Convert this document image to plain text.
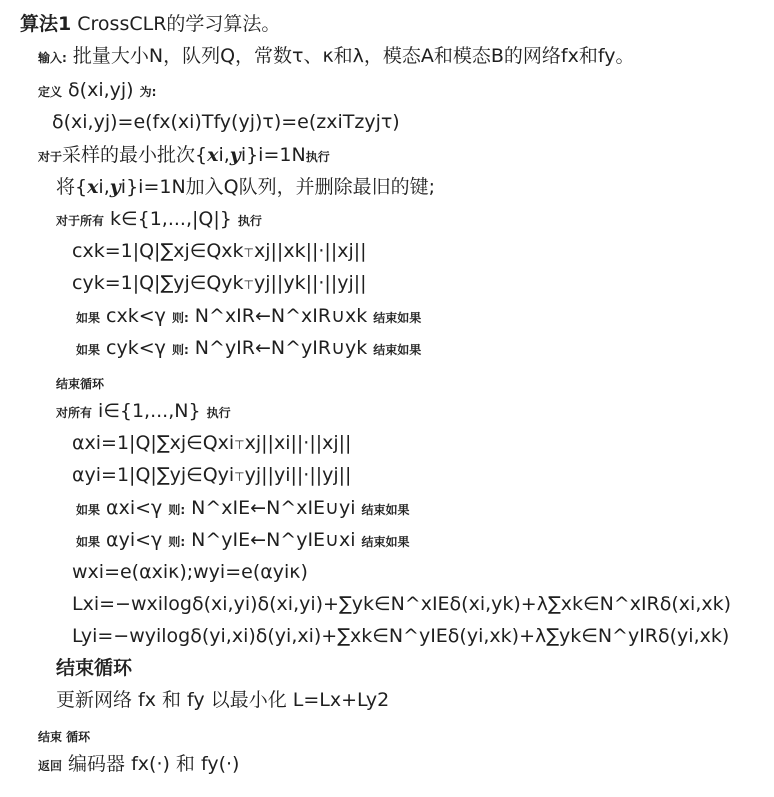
算法1 CrossCLR的学习算法。
输入: 批量大小N，队列Q，常数τ、κ和λ，模态A和模态B的网络fx和fy。
定义 δ(xi,yj) 为:
δ(xi,yj)=e(fx(xi)Tfy(yj)τ)=e(zxiTzyjτ)
对于采样的最小批次{xi,yi}i=1N执行
将{xi,yi}i=1N加入Q队列，并删除最旧的键;
对于所有 k∈{1,...,|Q|} 执行
cxk=1|Q|∑xj∈Qxk⊤xj||xk||·||xj||
cyk=1|Q|∑yj∈Qyk⊤yj||yk||·||yj||
如果 cxk<γ 则: N^xIR←N^xIR∪xk 结束如果
如果 cyk<γ 则: N^yIR←N^yIR∪yk 结束如果
结束循环
对所有 i∈{1,...,N} 执行
αxi=1|Q|∑xj∈Qxi⊤xj||xi||·||xj||
αyi=1|Q|∑yj∈Qyi⊤yj||yi||·||yj||
如果 αxi<γ 则: N^xIE←N^xIE∪yi 结束如果
如果 αyi<γ 则: N^yIE←N^yIE∪xi 结束如果
wxi=e(αxiκ);wyi=e(αyiκ)
Lxi=−wxilogδ(xi,yi)δ(xi,yi)+∑yk∈N^xIEδ(xi,yk)+λ∑xk∈N^xIRδ(xi,xk)
Lyi=−wyilogδ(yi,xi)δ(yi,xi)+∑xk∈N^yIEδ(yi,xk)+λ∑yk∈N^yIRδ(yi,xk)
结束循环
更新网络 fx 和 fy 以最小化 L=Lx+Ly2
结束 循环
返回 编码器 fx(·) 和 fy(·)
